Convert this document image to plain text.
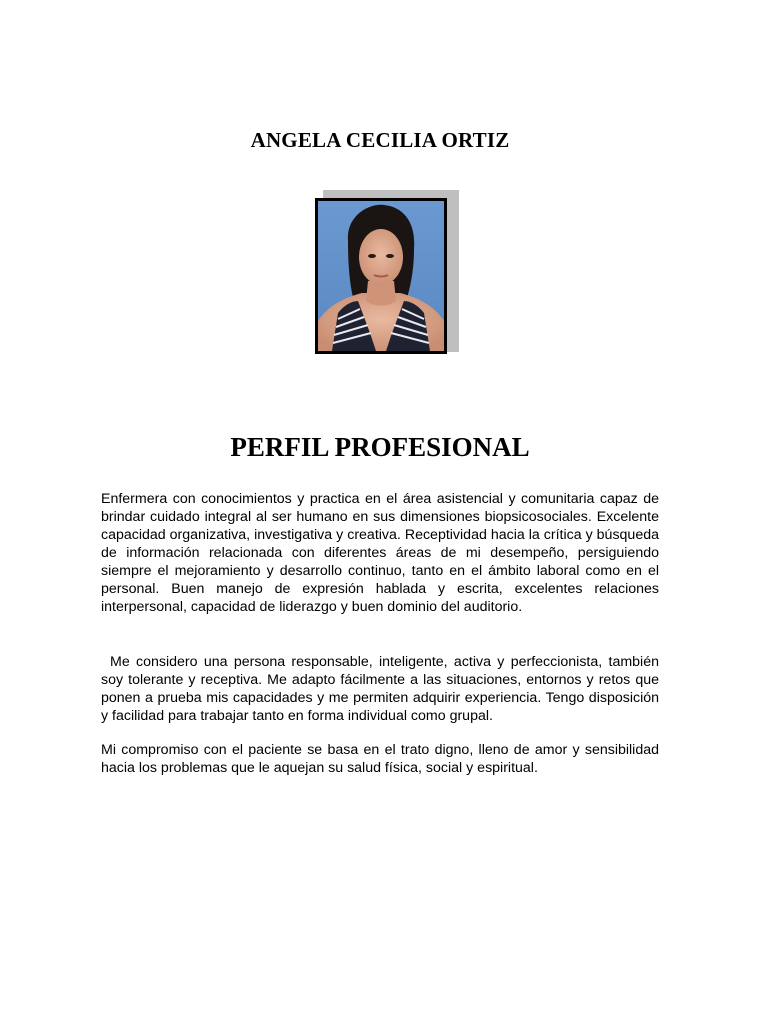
ANGELA CECILIA ORTIZ
PERFIL PROFESIONAL

Enfermera con conocimientos y practica en el área asistencial y comunitaria capaz de brindar cuidado integral al ser humano en sus dimensiones biopsicosociales. Excelente capacidad organizativa, investigativa y creativa. Receptividad hacia la crítica y búsqueda de información relacionada con diferentes áreas de mi desempeño, persiguiendo siempre el mejoramiento y desarrollo continuo, tanto en el ámbito laboral como en el personal. Buen manejo de expresión hablada y escrita, excelentes relaciones interpersonal, capacidad de liderazgo y buen dominio del auditorio.

Me considero una persona responsable, inteligente, activa y perfeccionista, también soy tolerante y receptiva. Me adapto fácilmente a las situaciones, entornos y retos que ponen a prueba mis capacidades y me permiten adquirir experiencia. Tengo disposición y facilidad para trabajar tanto en forma individual como grupal.

Mi compromiso con el paciente se basa en el trato digno, lleno de amor y sensibilidad hacia los problemas que le aquejan su salud física, social y espiritual.
